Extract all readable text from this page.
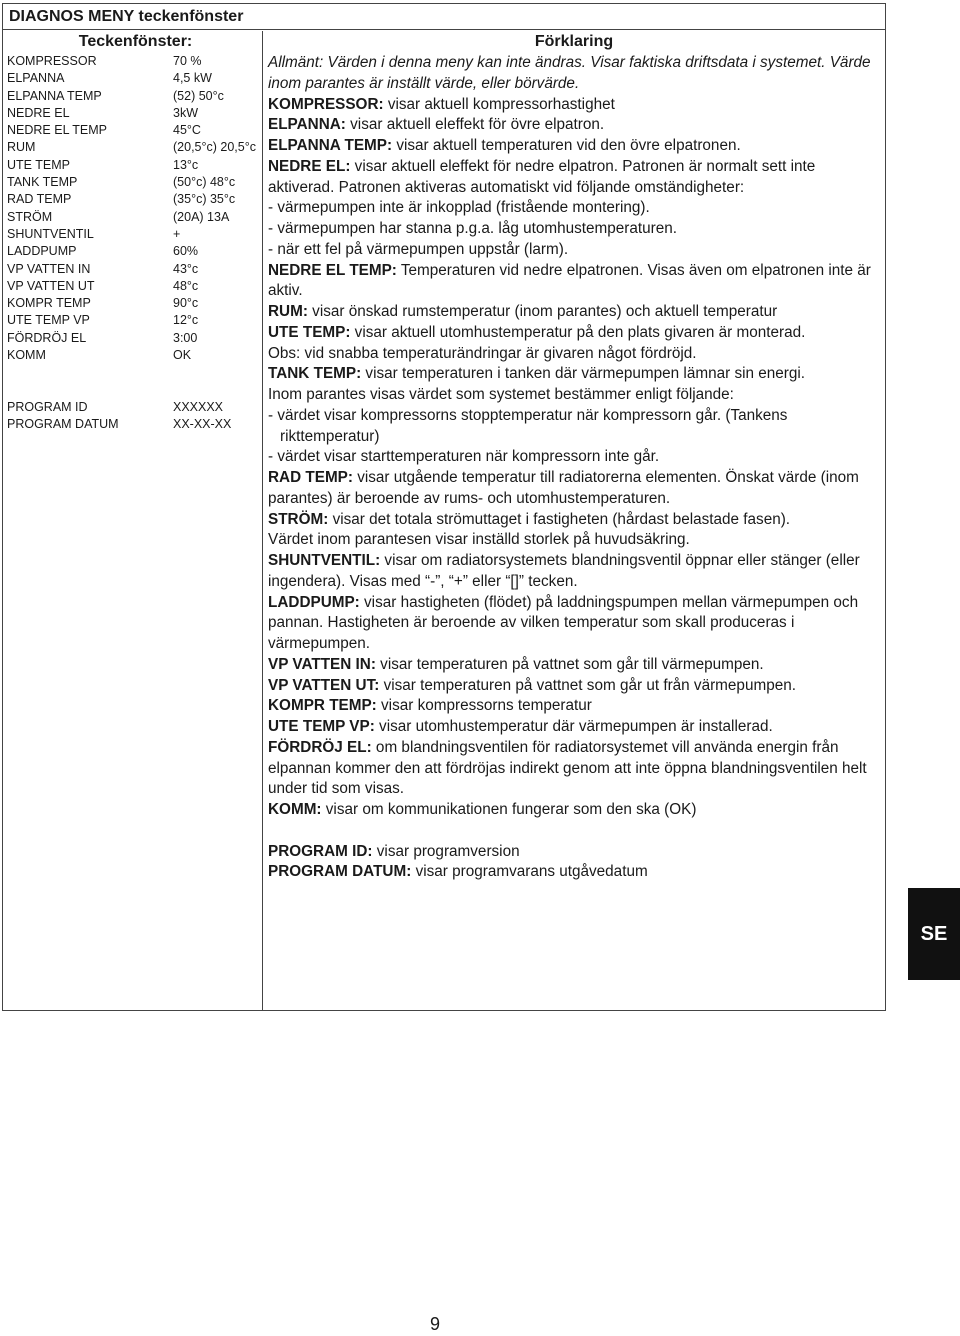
DIAGNOS MENY teckenfönster
Teckenfönster:
KOMPRESSOR	70 %
ELPANNA	4,5 kW
ELPANNA TEMP	(52) 50°c
NEDRE EL	3kW
NEDRE EL TEMP	45°C
RUM	(20,5°c) 20,5°c
UTE TEMP	13°c
TANK TEMP	(50°c) 48°c
RAD TEMP	(35°c) 35°c
STRÖM	(20A) 13A
SHUNTVENTIL	+
LADDPUMP	60%
VP VATTEN IN	43°c
VP VATTEN UT	48°c
KOMPR TEMP	90°c
UTE TEMP VP	12°c
FÖRDRÖJ EL	3:00
KOMM	OK
PROGRAM ID	XXXXXX
PROGRAM DATUM	XX-XX-XX
Förklaring

Allmänt: Värden i denna meny kan inte ändras. Visar faktiska driftsdata i systemet. Värde inom parantes är inställt värde, eller börvärde.

KOMPRESSOR: visar aktuell kompressorhastighet

ELPANNA: visar aktuell eleffekt för övre elpatron.

ELPANNA TEMP: visar aktuell temperaturen vid den övre elpatronen.

NEDRE EL: visar aktuell eleffekt för nedre elpatron. Patronen är normalt sett inte aktiverad. Patronen aktiveras automatiskt vid följande omständigheter:

- värmepumpen inte är inkopplad (fristående montering).

- värmepumpen har stanna p.g.a. låg utomhustemperaturen.

- när ett fel på värmepumpen uppstår (larm).

NEDRE EL TEMP: Temperaturen vid nedre elpatronen. Visas även om elpatronen inte är aktiv.

RUM: visar önskad rumstemperatur (inom parantes) och aktuell temperatur

UTE TEMP: visar aktuell utomhustemperatur på den plats givaren är monterad.

Obs: vid snabba temperaturändringar är givaren något fördröjd.

TANK TEMP: visar temperaturen i tanken där värmepumpen lämnar sin energi.

Inom parantes visas värdet som systemet bestämmer enligt följande:

- värdet visar kompressorns stopptemperatur när kompressorn går. (Tankens

rikttemperatur)

- värdet visar starttemperaturen när kompressorn inte går.

RAD TEMP: visar utgående temperatur till radiatorerna elementen. Önskat värde (inom parantes) är beroende av rums- och utomhustemperaturen.

STRÖM: visar det totala strömuttaget i fastigheten (hårdast belastade fasen).

Värdet inom parantesen visar inställd storlek på huvudsäkring.

SHUNTVENTIL: visar om radiatorsystemets blandningsventil öppnar eller stänger (eller ingendera). Visas med “-”, “+” eller “[]” tecken.

LADDPUMP: visar hastigheten (flödet) på laddningspumpen mellan värmepumpen och pannan. Hastigheten är beroende av vilken temperatur som skall produceras i värmepumpen.

VP VATTEN IN: visar temperaturen på vattnet som går till värmepumpen.

VP VATTEN UT: visar temperaturen på vattnet som går ut från värmepumpen.

KOMPR TEMP: visar kompressorns temperatur

UTE TEMP VP: visar utomhustemperatur där värmepumpen är installerad.

FÖRDRÖJ EL: om blandningsventilen för radiatorsystemet vill använda energin från elpannan kommer den att fördröjas indirekt genom att inte öppna blandningsventilen helt under tid som visas.

KOMM: visar om kommunikationen fungerar som den ska (OK)

PROGRAM ID: visar programversion

PROGRAM DATUM: visar programvarans utgåvedatum

SE
9
